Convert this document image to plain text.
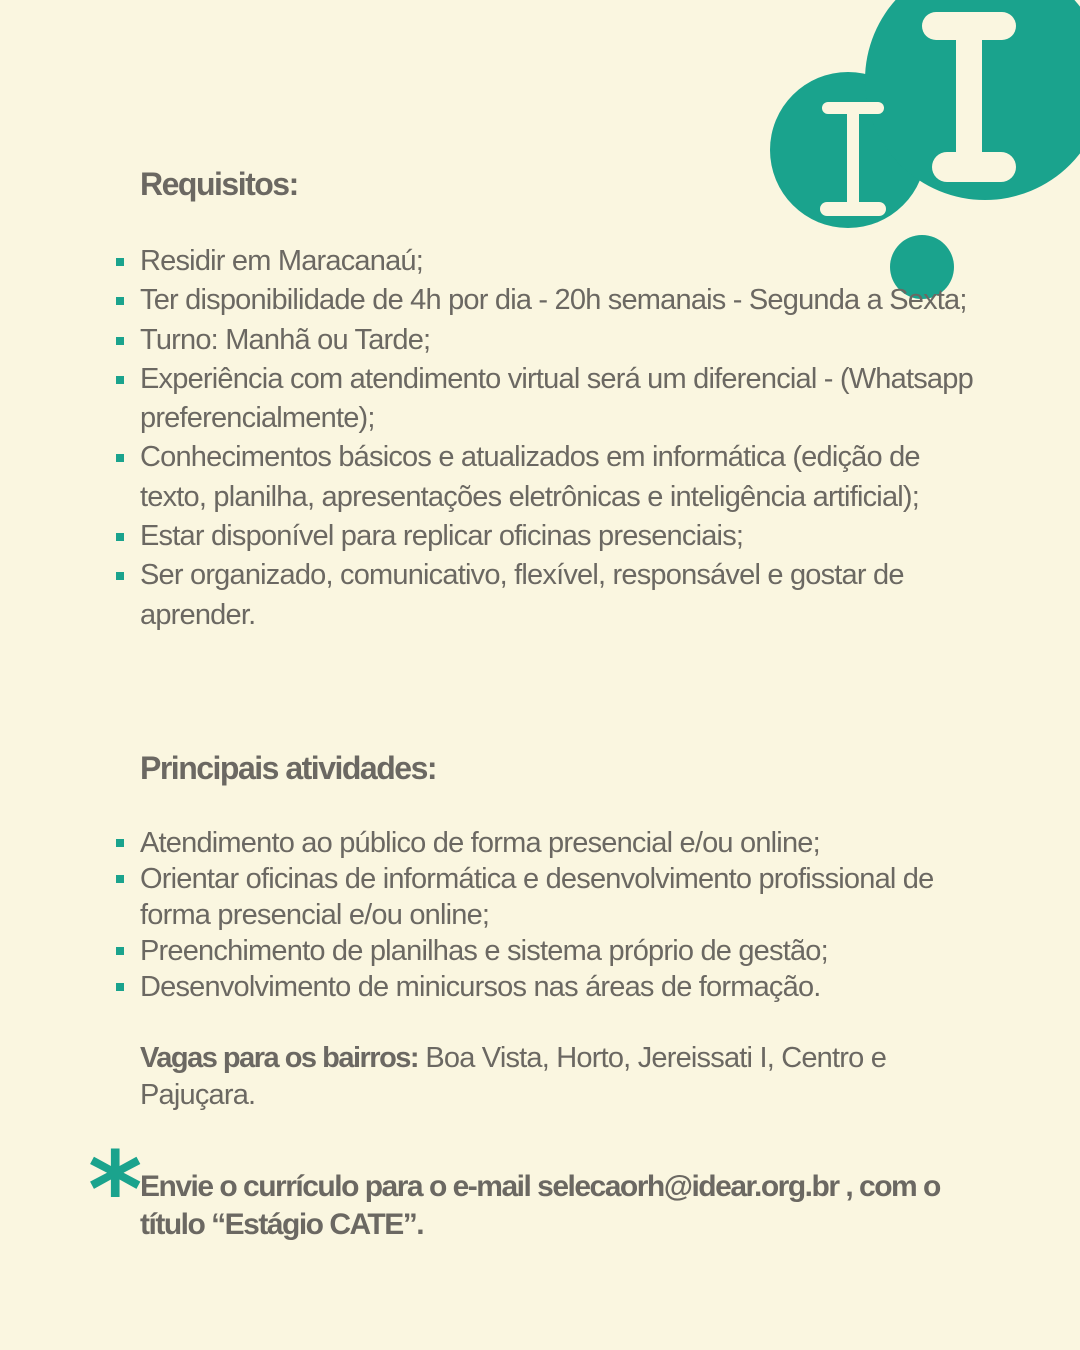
Requisitos:
Residir em Maracanaú;
Ter disponibilidade de 4h por dia - 20h semanais - Segunda a Sexta;
Turno: Manhã ou Tarde;
Experiência com atendimento virtual será um diferencial - (Whatsapp preferencialmente);
Conhecimentos básicos e atualizados em informática (edição de texto, planilha, apresentações eletrônicas e inteligência artificial);
Estar disponível para replicar oficinas presenciais;
Ser organizado, comunicativo, flexível, responsável e gostar de aprender.
Principais atividades:
Atendimento ao público de forma presencial e/ou online;
Orientar oficinas de informática e desenvolvimento profissional de forma presencial e/ou online;
Preenchimento de planilhas e sistema próprio de gestão;
Desenvolvimento de minicursos nas áreas de formação.

Vagas para os bairros: Boa Vista, Horto, Jereissati I, Centro e Pajuçara.

*

Envie o currículo para o e-mail selecaorh@idear.org.br , com o título “Estágio CATE”.
